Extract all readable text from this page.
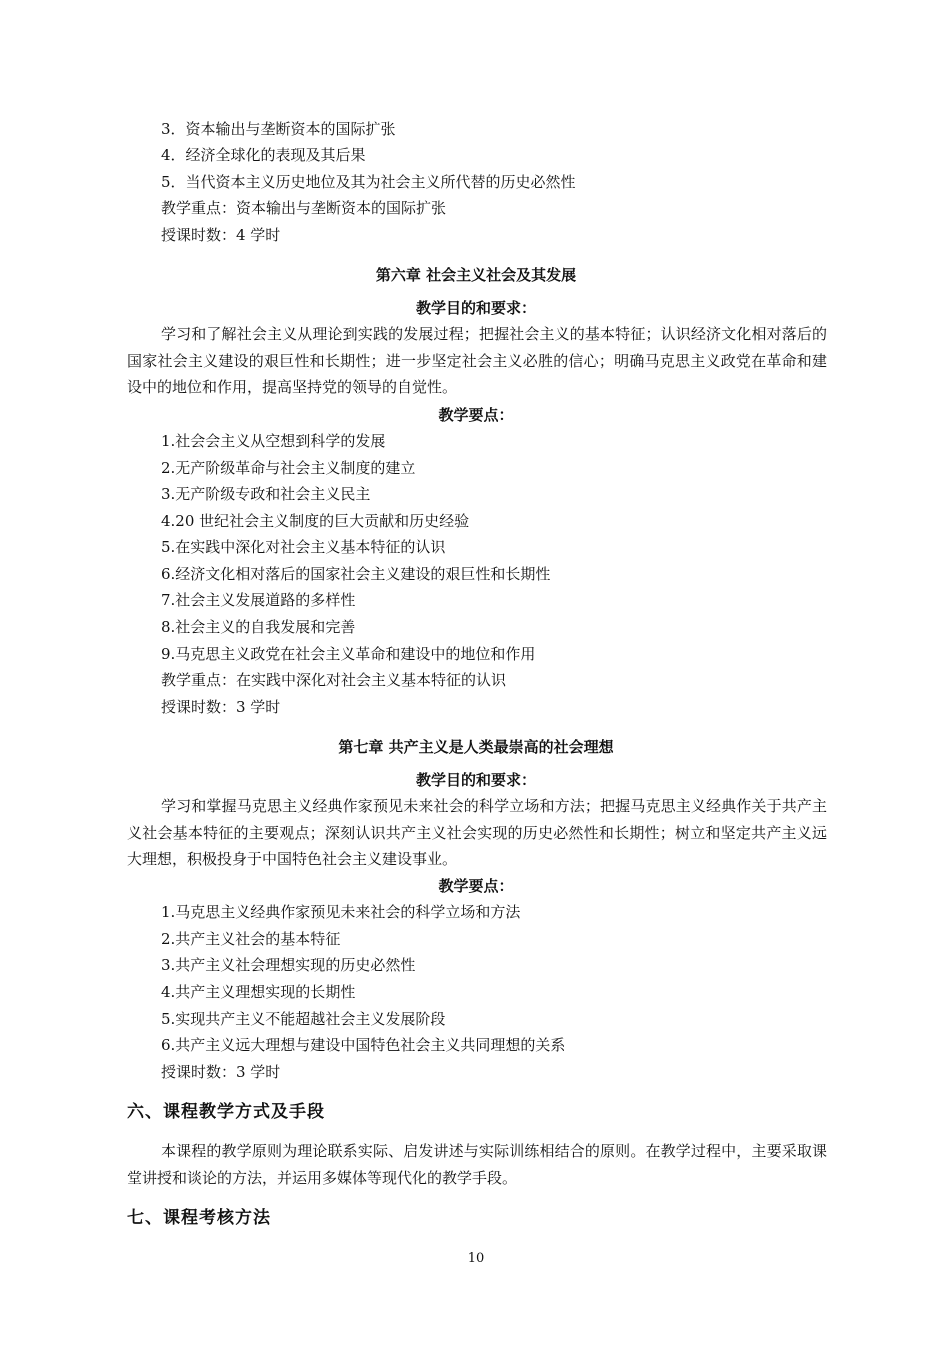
3．资本输出与垄断资本的国际扩张
4．经济全球化的表现及其后果
5．当代资本主义历史地位及其为社会主义所代替的历史必然性
教学重点：资本输出与垄断资本的国际扩张
授课时数：4 学时
第六章 社会主义社会及其发展
教学目的和要求：

学习和了解社会主义从理论到实践的发展过程；把握社会主义的基本特征；认识经济文化相对落后的国家社会主义建设的艰巨性和长期性；进一步坚定社会主义必胜的信心；明确马克思主义政党在革命和建设中的地位和作用，提高坚持党的领导的自觉性。

教学要点：
1.社会会主义从空想到科学的发展
2.无产阶级革命与社会主义制度的建立
3.无产阶级专政和社会主义民主
4.20 世纪社会主义制度的巨大贡献和历史经验
5.在实践中深化对社会主义基本特征的认识
6.经济文化相对落后的国家社会主义建设的艰巨性和长期性
7.社会主义发展道路的多样性
8.社会主义的自我发展和完善
9.马克思主义政党在社会主义革命和建设中的地位和作用
教学重点：在实践中深化对社会主义基本特征的认识
授课时数：3 学时
第七章 共产主义是人类最崇高的社会理想
教学目的和要求：

学习和掌握马克思主义经典作家预见未来社会的科学立场和方法；把握马克思主义经典作关于共产主义社会基本特征的主要观点；深刻认识共产主义社会实现的历史必然性和长期性；树立和坚定共产主义远大理想，积极投身于中国特色社会主义建设事业。

教学要点：
1.马克思主义经典作家预见未来社会的科学立场和方法
2.共产主义社会的基本特征
3.共产主义社会理想实现的历史必然性
4.共产主义理想实现的长期性
5.实现共产主义不能超越社会主义发展阶段
6.共产主义远大理想与建设中国特色社会主义共同理想的关系
授课时数：3 学时
六、课程教学方式及手段

本课程的教学原则为理论联系实际、启发讲述与实际训练相结合的原则。在教学过程中，主要采取课堂讲授和谈论的方法，并运用多媒体等现代化的教学手段。

七、课程考核方法
10
